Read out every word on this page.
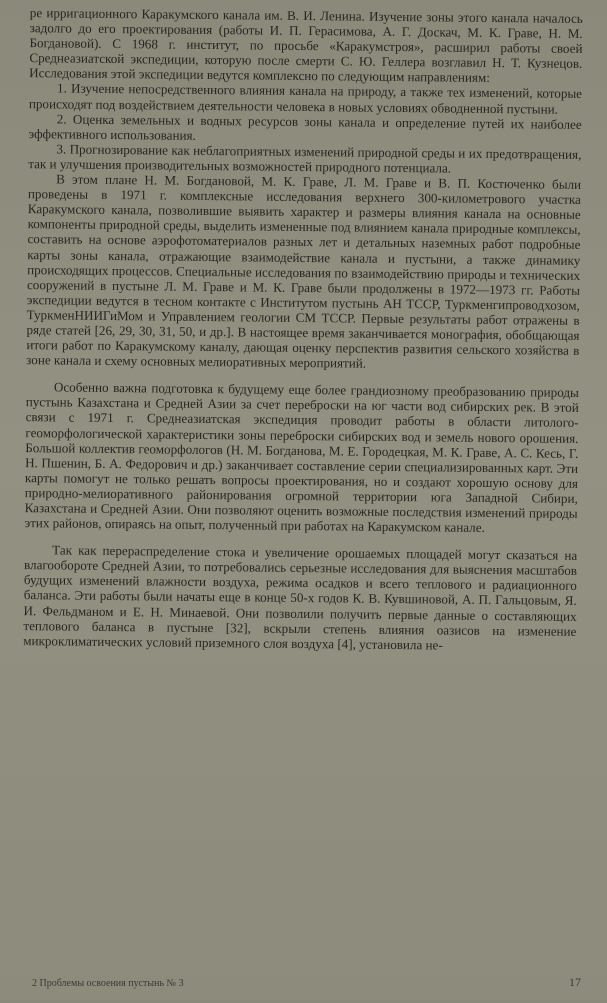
ре ирригационного Каракумского канала им. В. И. Ленина. Изучение зоны этого канала началось задолго до его проектирования (работы И. П. Герасимова, А. Г. Доскач, М. К. Граве, Н. М. Богдановой). С 1968 г. институт, по просьбе «Каракумстроя», расширил работы своей Среднеазиатской экспедиции, которую после смерти С. Ю. Геллера возглавил Н. Т. Кузнецов. Исследования этой экспедиции ведутся комплексно по следующим направлениям:

1. Изучение непосредственного влияния канала на природу, а также тех изменений, которые происходят под воздействием деятельности человека в новых условиях обводненной пустыни.

2. Оценка земельных и водных ресурсов зоны канала и определение путей их наиболее эффективного использования.

3. Прогнозирование как неблагоприятных изменений природной среды и их предотвращения, так и улучшения производительных возможностей природного потенциала.

В этом плане Н. М. Богдановой, М. К. Граве, Л. М. Граве и В. П. Костюченко были проведены в 1971 г. комплексные исследования верхнего 300-километрового участка Каракумского канала, позволившие выявить характер и размеры влияния канала на основные компоненты природной среды, выделить измененные под влиянием канала природные комплексы, составить на основе аэрофотоматериалов разных лет и детальных наземных работ подробные карты зоны канала, отражающие взаимодействие канала и пустыни, а также динамику происходящих процессов. Специальные исследования по взаимодействию природы и технических сооружений в пустыне Л. М. Граве и М. К. Граве были продолжены в 1972—1973 гг. Работы экспедиции ведутся в тесном контакте с Институтом пустынь АН ТССР, Туркменгипроводхозом, ТуркменНИИГиМом и Управлением геологии СМ ТССР. Первые результаты работ отражены в ряде статей [26, 29, 30, 31, 50, и др.]. В настоящее время заканчивается монография, обобщающая итоги работ по Каракумскому каналу, дающая оценку перспектив развития сельского хозяйства в зоне канала и схему основных мелиоративных мероприятий.

Особенно важна подготовка к будущему еще более грандиозному преобразованию природы пустынь Казахстана и Средней Азии за счет переброски на юг части вод сибирских рек. В этой связи с 1971 г. Среднеазиатская экспедиция проводит работы в области литолого-геоморфологической характеристики зоны переброски сибирских вод и земель нового орошения. Большой коллектив геоморфологов (Н. М. Богданова, М. Е. Городецкая, М. К. Граве, А. С. Кесь, Г. Н. Пшенин, Б. А. Федорович и др.) заканчивает составление серии специализированных карт. Эти карты помогут не только решать вопросы проектирования, но и создают хорошую основу для природно-мелиоративного районирования огромной территории юга Западной Сибири, Казахстана и Средней Азии. Они позволяют оценить возможные последствия изменений природы этих районов, опираясь на опыт, полученный при работах на Каракумском канале.

Так как перераспределение стока и увеличение орошаемых площадей могут сказаться на влагообороте Средней Азии, то потребовались серьезные исследования для выяснения масштабов будущих изменений влажности воздуха, режима осадков и всего теплового и радиационного баланса. Эти работы были начаты еще в конце 50-х годов К. В. Кувшиновой, А. П. Гальцовым, Я. И. Фельдманом и Е. Н. Минаевой. Они позволили получить первые данные о составляющих теплового баланса в пустыне [32], вскрыли степень влияния оазисов на изменение микроклиматических условий приземного слоя воздуха [4], установила не-

2 Проблемы освоения пустынь № 3	17
